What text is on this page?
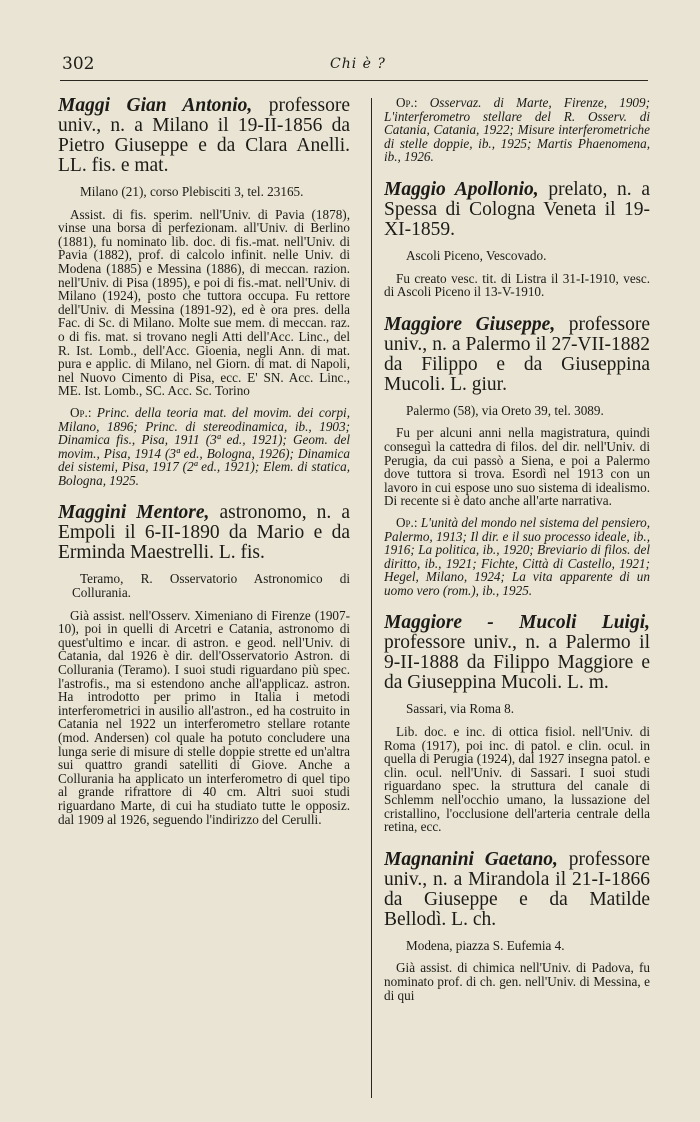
302	Chi è ?
Maggi Gian Antonio, professore univ., n. a Milano il 19-II-1856 da Pietro Giuseppe e da Clara Anelli. LL. fis. e mat.
Milano (21), corso Plebisciti 3, tel. 23165.
Assist. di fis. sperim. nell'Univ. di Pavia (1878), vinse una borsa di perfezionam. all'Univ. di Berlino (1881), fu nominato lib. doc. di fis.-mat. nell'Univ. di Pavia (1882), prof. di calcolo infinit. nelle Univ. di Modena (1885) e Messina (1886), di meccan. razion. nell'Univ. di Pisa (1895), e poi di fis.-mat. nell'Univ. di Milano (1924), posto che tuttora occupa. Fu rettore dell'Univ. di Messina (1891-92), ed è ora pres. della Fac. di Sc. di Milano. Molte sue mem. di meccan. raz. o di fis. mat. si trovano negli Atti dell'Acc. Linc., del R. Ist. Lomb., dell'Acc. Gioenia, negli Ann. di mat. pura e applic. di Milano, nel Giorn. di mat. di Napoli, nel Nuovo Cimento di Pisa, ecc. E' SN. Acc. Linc., ME. Ist. Lomb., SC. Acc. Sc. Torino
Op.: Princ. della teoria mat. del movim. dei corpi, Milano, 1896; Princ. di stereodinamica, ib., 1903; Dinamica fis., Pisa, 1911 (3ª ed., 1921); Geom. del movim., Pisa, 1914 (3ª ed., Bologna, 1926); Dinamica dei sistemi, Pisa, 1917 (2ª ed., 1921); Elem. di statica, Bologna, 1925.
Maggini Mentore, astronomo, n. a Empoli il 6-II-1890 da Mario e da Erminda Maestrelli. L. fis.
Teramo, R. Osservatorio Astronomico di Collurania.
Già assist. nell'Osserv. Ximeniano di Firenze (1907-10), poi in quelli di Arcetri e Catania, astronomo di quest'ultimo e incar. di astron. e geod. nell'Univ. di Catania, dal 1926 è dir. dell'Osservatorio Astron. di Collurania (Teramo). I suoi studi riguardano più spec. l'astrofis., ma si estendono anche all'applicaz. astron. Ha introdotto per primo in Italia i metodi interferometrici in ausilio all'astron., ed ha costruito in Catania nel 1922 un interferometro stellare rotante (mod. Andersen) col quale ha potuto concludere una lunga serie di misure di stelle doppie strette ed un'altra sui quattro grandi satelliti di Giove. Anche a Collurania ha applicato un interferometro di quel tipo al grande rifrattore di 40 cm. Altri suoi studi riguardano Marte, di cui ha studiato tutte le opposiz. dal 1909 al 1926, seguendo l'indirizzo del Cerulli.
Op.: Osservaz. di Marte, Firenze, 1909; L'interferometro stellare del R. Osserv. di Catania, Catania, 1922; Misure interferometriche di stelle doppie, ib., 1925; Martis Phaenomena, ib., 1926.
Maggio Apollonio, prelato, n. a Spessa di Cologna Veneta il 19-XI-1859.
Ascoli Piceno, Vescovado.
Fu creato vesc. tit. di Listra il 31-I-1910, vesc. di Ascoli Piceno il 13-V-1910.
Maggiore Giuseppe, professore univ., n. a Palermo il 27-VII-1882 da Filippo e da Giuseppina Mucoli. L. giur.
Palermo (58), via Oreto 39, tel. 3089.
Fu per alcuni anni nella magistratura, quindi conseguì la cattedra di filos. del dir. nell'Univ. di Perugia, da cui passò a Siena, e poi a Palermo dove tuttora si trova. Esordì nel 1913 con un lavoro in cui espose uno suo sistema di idealismo. Di recente si è dato anche all'arte narrativa.
Op.: L'unità del mondo nel sistema del pensiero, Palermo, 1913; Il dir. e il suo processo ideale, ib., 1916; La politica, ib., 1920; Breviario di filos. del diritto, ib., 1921; Fichte, Città di Castello, 1921; Hegel, Milano, 1924; La vita apparente di un uomo vero (rom.), ib., 1925.
Maggiore - Mucoli Luigi, professore univ., n. a Palermo il 9-II-1888 da Filippo Maggiore e da Giuseppina Mucoli. L. m.
Sassari, via Roma 8.
Lib. doc. e inc. di ottica fisiol. nell'Univ. di Roma (1917), poi inc. di patol. e clin. ocul. in quella di Perugia (1924), dal 1927 insegna patol. e clin. ocul. nell'Univ. di Sassari. I suoi studi riguardano spec. la struttura del canale di Schlemm nell'occhio umano, la lussazione del cristallino, l'occlusione dell'arteria centrale della retina, ecc.
Magnanini Gaetano, professore univ., n. a Mirandola il 21-I-1866 da Giuseppe e da Matilde Bellodì. L. ch.
Modena, piazza S. Eufemia 4.
Già assist. di chimica nell'Univ. di Padova, fu nominato prof. di ch. gen. nell'Univ. di Messina, e di qui
